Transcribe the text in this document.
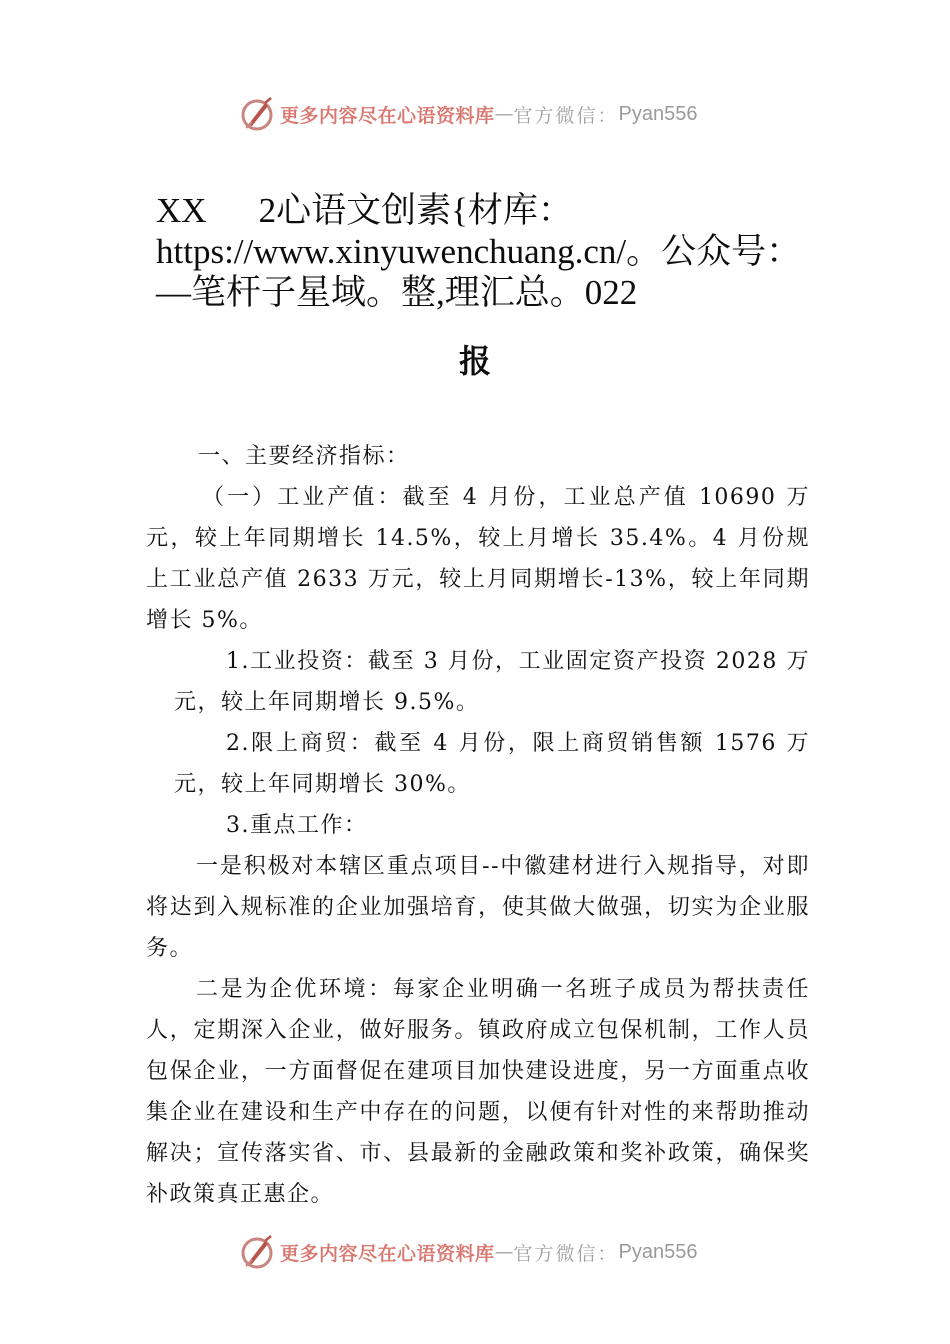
更多内容尽在心语资料库 — 官方微信： Pyan556
XX 2心语文创素{材库：
https://www.xinyuwenchuang.cn/。公众号：
—笔杆子星域。整,理汇总。022
报

一、主要经济指标：

（一）工业产值：截至 4 月份，工业总产值 10690 万元，较上年同期增长 14.5%，较上月增长 35.4%。4 月份规上工业总产值 2633 万元，较上月同期增长-13%，较上年同期增长 5%。

1.工业投资：截至 3 月份，工业固定资产投资 2028 万元，较上年同期增长 9.5%。

2.限上商贸：截至 4 月份，限上商贸销售额 1576 万元，较上年同期增长 30%。

3.重点工作：

一是积极对本辖区重点项目--中徽建材进行入规指导，对即将达到入规标准的企业加强培育，使其做大做强，切实为企业服务。

二是为企优环境：每家企业明确一名班子成员为帮扶责任人，定期深入企业，做好服务。镇政府成立包保机制，工作人员包保企业，一方面督促在建项目加快建设进度，另一方面重点收集企业在建设和生产中存在的问题，以便有针对性的来帮助推动解决；宣传落实省、市、县最新的金融政策和奖补政策，确保奖补政策真正惠企。

更多内容尽在心语资料库 — 官方微信： Pyan556
